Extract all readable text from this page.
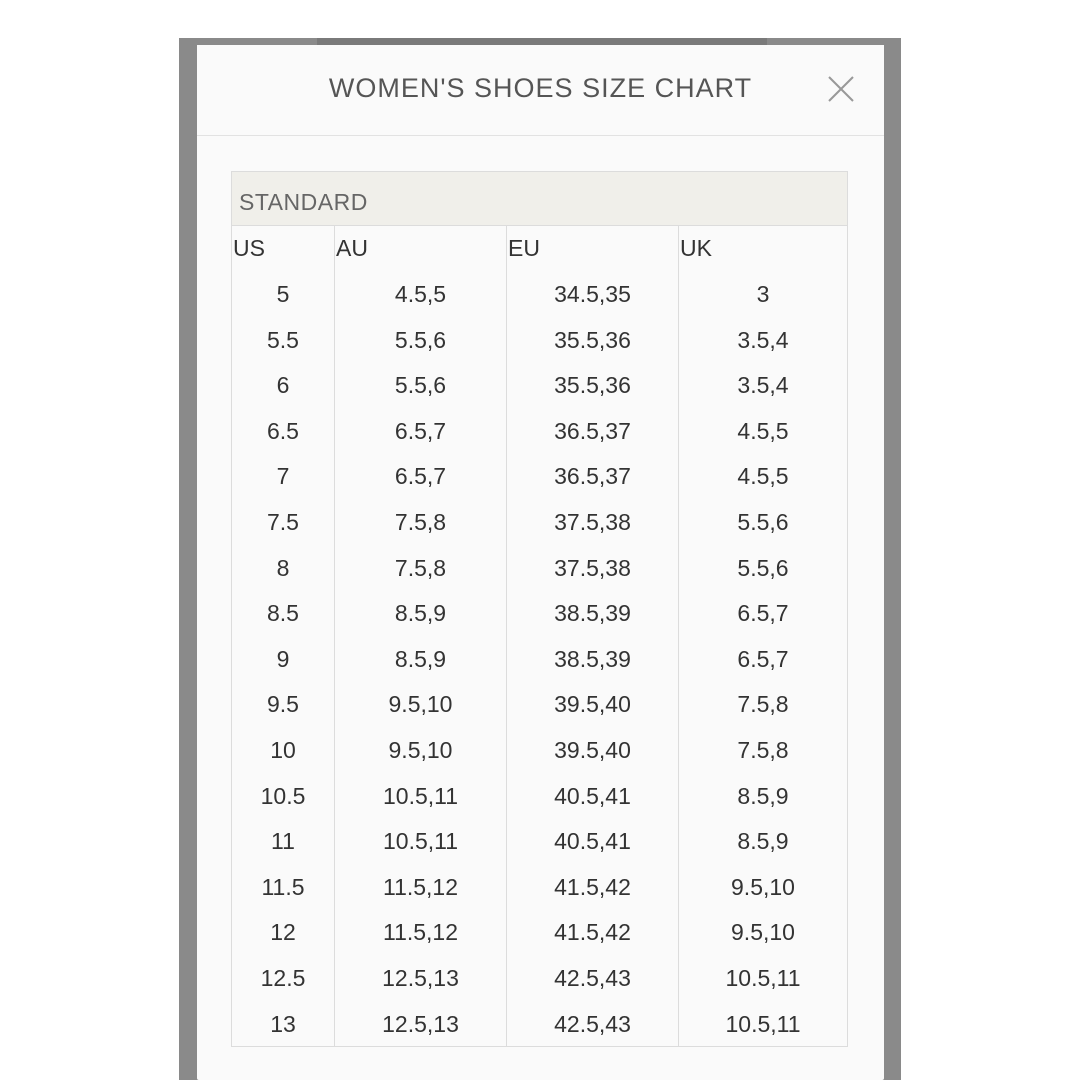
WOMEN'S SHOES SIZE CHART
STANDARD
US
5
5.5
6
6.5
7
7.5
8
8.5
9
9.5
10
10.5
11
11.5
12
12.5
13
AU
4.5,5
5.5,6
5.5,6
6.5,7
6.5,7
7.5,8
7.5,8
8.5,9
8.5,9
9.5,10
9.5,10
10.5,11
10.5,11
11.5,12
11.5,12
12.5,13
12.5,13
EU
34.5,35
35.5,36
35.5,36
36.5,37
36.5,37
37.5,38
37.5,38
38.5,39
38.5,39
39.5,40
39.5,40
40.5,41
40.5,41
41.5,42
41.5,42
42.5,43
42.5,43
UK
3
3.5,4
3.5,4
4.5,5
4.5,5
5.5,6
5.5,6
6.5,7
6.5,7
7.5,8
7.5,8
8.5,9
8.5,9
9.5,10
9.5,10
10.5,11
10.5,11
